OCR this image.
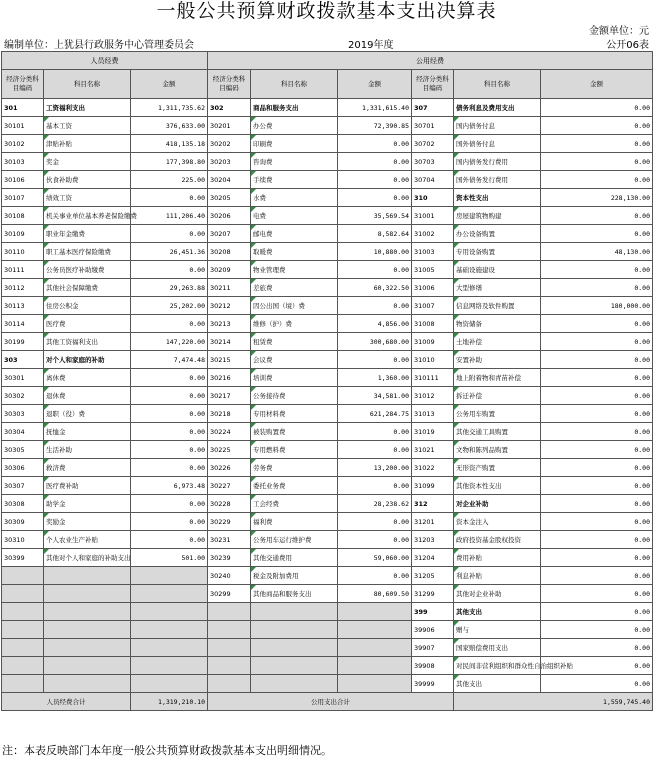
一般公共预算财政拨款基本支出决算表
金额单位：元
编制单位：上犹县行政服务中心管理委员会	2019年度	公开06表
人员经费			公用经费					
经济分类科目编码	科目名称	金额	经济分类科目编码	科目名称	金额	经济分类科目编码	科目名称	金额
301	工资福利支出	1,311,735.62	302	商品和服务支出	1,331,615.40	307	债务利息及费用支出	0.00
30101	基本工资	376,633.00	30201	办公费	72,390.85	30701	国内债务付息	0.00
30102	津贴补贴	418,135.18	30202	印刷费	0.00	30702	国外债务付息	0.00
30103	奖金	177,398.80	30203	咨询费	0.00	30703	国内债务发行费用	0.00
30106	伙食补助费	225.00	30204	手续费	0.00	30704	国外债务发行费用	0.00
30107	绩效工资	0.00	30205	水费	0.00	310	资本性支出	228,130.00
30108	机关事业单位基本养老保险缴费	111,206.40	30206	电费	35,569.54	31001	房屋建筑物购建	0.00
30109	职业年金缴费	0.00	30207	邮电费	8,582.64	31002	办公设备购置	0.00
30110	职工基本医疗保险缴费	26,451.36	30208	取暖费	10,880.00	31003	专用设备购置	48,130.00
30111	公务员医疗补助缴费	0.00	30209	物业管理费	0.00	31005	基础设施建设	0.00
30112	其他社会保障缴费	29,263.88	30211	差旅费	60,322.50	31006	大型修缮	0.00
30113	住房公积金	25,202.00	30212	因公出国（境）费	0.00	31007	信息网络及软件购置	180,000.00
30114	医疗费	0.00	30213	维修（护）费	4,856.00	31008	物资储备	0.00
30199	其他工资福利支出	147,220.00	30214	租赁费	300,680.00	31009	土地补偿	0.00
303	对个人和家庭的补助	7,474.48	30215	会议费	0.00	31010	安置补助	0.00
30301	离休费	0.00	30216	培训费	1,360.00	310111	地上附着物和青苗补偿	0.00
30302	退休费	0.00	30217	公务接待费	34,581.00	31012	拆迁补偿	0.00
30303	退职（役）费	0.00	30218	专用材料费	621,284.75	31013	公务用车购置	0.00
30304	抚恤金	0.00	30224	被装购置费	0.00	31019	其他交通工具购置	0.00
30305	生活补助	0.00	30225	专用燃料费	0.00	31021	文物和陈列品购置	0.00
30306	救济费	0.00	30226	劳务费	13,200.00	31022	无形资产购置	0.00
30307	医疗费补助	6,973.48	30227	委托业务费	0.00	31099	其他资本性支出	0.00
30308	助学金	0.00	30228	工会经费	28,238.62	312	对企业补助	0.00
30309	奖励金	0.00	30229	福利费	0.00	31201	资本金注入	0.00
30310	个人农业生产补贴	0.00	30231	公务用车运行维护费	0.00	31203	政府投资基金股权投资	0.00
30399	其他对个人和家庭的补助支出	501.00	30239	其他交通费用	59,060.00	31204	费用补贴	0.00
			30240	税金及附加费用	0.00	31205	利息补贴	0.00
			30299	其他商品和服务支出	80,609.50	31299	其他对企业补助	0.00
						399	其他支出	0.00
						39906	赠与	0.00
						39907	国家赔偿费用支出	0.00
						39908	对民间非营利组织和群众性自治组织补贴	0.00
						39999	其他支出	0.00
人员经费合计		1,319,210.10	公用支出合计				1,559,745.40	
注：本表反映部门本年度一般公共预算财政拨款基本支出明细情况。
